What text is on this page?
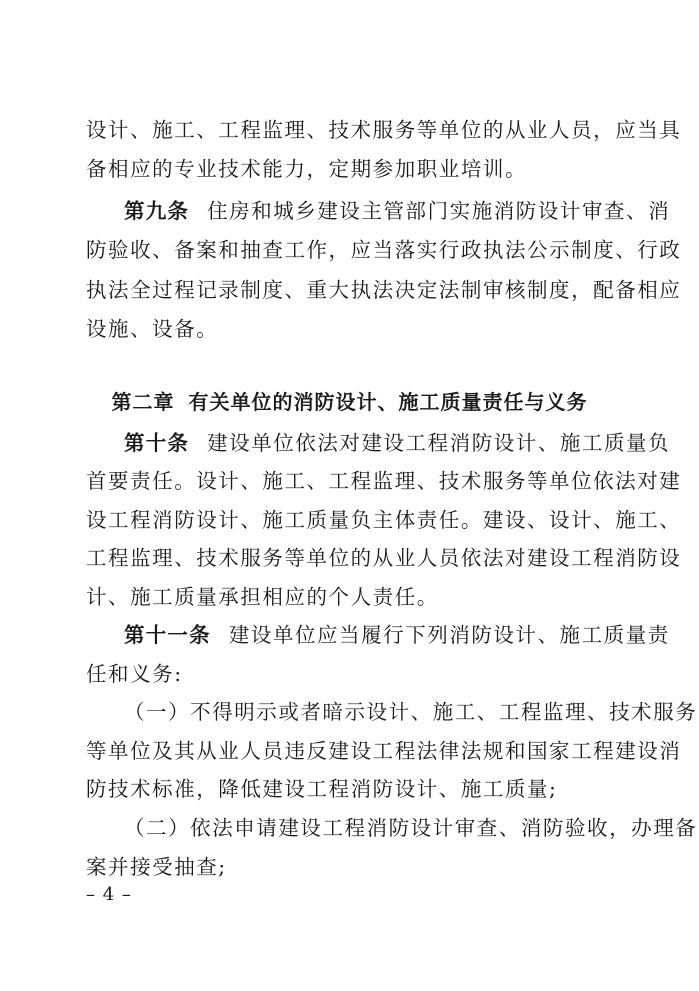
设计、施工、工程监理、技术服务等单位的从业人员，应当具
备相应的专业技术能力，定期参加职业培训。
第九条 住房和城乡建设主管部门实施消防设计审查、消
防验收、备案和抽查工作，应当落实行政执法公示制度、行政
执法全过程记录制度、重大执法决定法制审核制度，配备相应
设施、设备。
第二章 有关单位的消防设计、施工质量责任与义务
第十条 建设单位依法对建设工程消防设计、施工质量负
首要责任。设计、施工、工程监理、技术服务等单位依法对建
设工程消防设计、施工质量负主体责任。建设、设计、施工、
工程监理、技术服务等单位的从业人员依法对建设工程消防设
计、施工质量承担相应的个人责任。
第十一条 建设单位应当履行下列消防设计、施工质量责
任和义务:
（一）不得明示或者暗示设计、施工、工程监理、技术服务
等单位及其从业人员违反建设工程法律法规和国家工程建设消
防技术标准，降低建设工程消防设计、施工质量;
（二）依法申请建设工程消防设计审查、消防验收，办理备
案并接受抽查;
– 4 –
